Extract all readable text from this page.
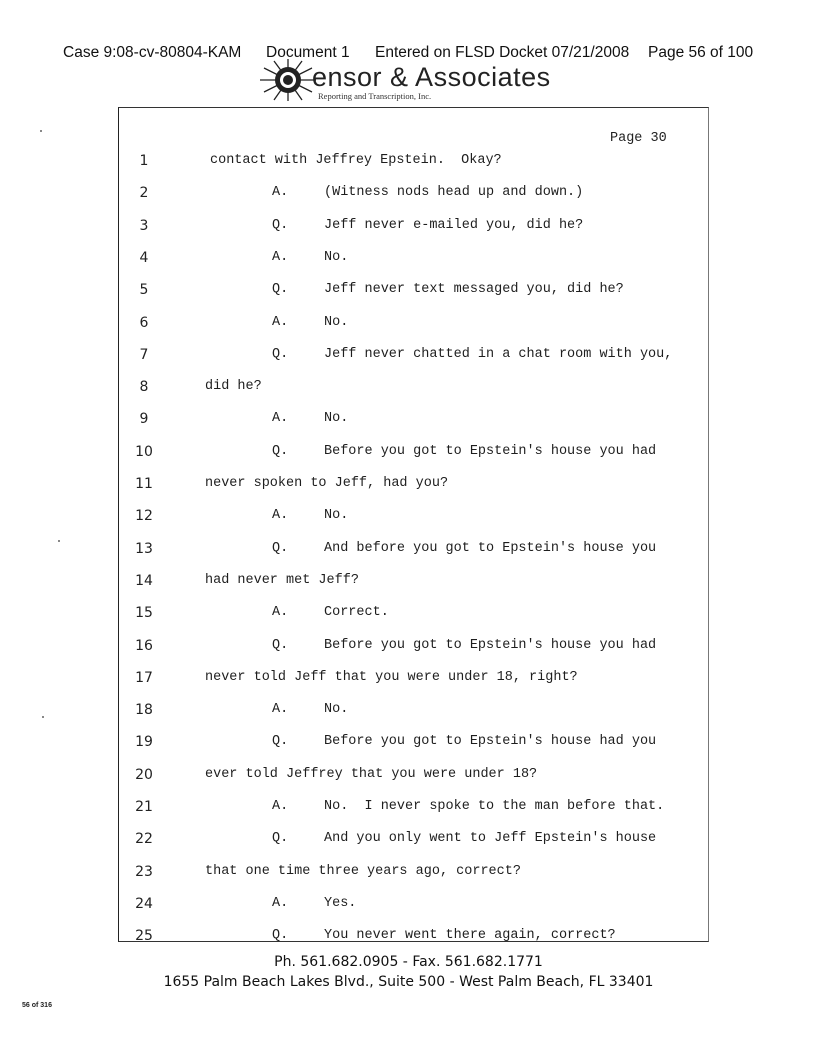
Case 9:08-cv-80804-KAM Document 1 Entered on FLSD Docket 07/21/2008 Page 56 of 100
ensor & Associates
Reporting and Transcription, Inc.
Page 30
1	contact with Jeffrey Epstein.  Okay?
2	A.	(Witness nods head up and down.)
3	Q.	Jeff never e-mailed you, did he?
4	A.	No.
5	Q.	Jeff never text messaged you, did he?
6	A.	No.
7	Q.	Jeff never chatted in a chat room with you,
8	did he?
9	A.	No.
10	Q.	Before you got to Epstein's house you had
11	never spoken to Jeff, had you?
12	A.	No.
13	Q.	And before you got to Epstein's house you
14	had never met Jeff?
15	A.	Correct.
16	Q.	Before you got to Epstein's house you had
17	never told Jeff that you were under 18, right?
18	A.	No.
19	Q.	Before you got to Epstein's house had you
20	ever told Jeffrey that you were under 18?
21	A.	No.  I never spoke to the man before that.
22	Q.	And you only went to Jeff Epstein's house
23	that one time three years ago, correct?
24	A.	Yes.
25	Q.	You never went there again, correct?
Ph. 561.682.0905 - Fax. 561.682.1771
1655 Palm Beach Lakes Blvd., Suite 500 - West Palm Beach, FL 33401
56 of 316
